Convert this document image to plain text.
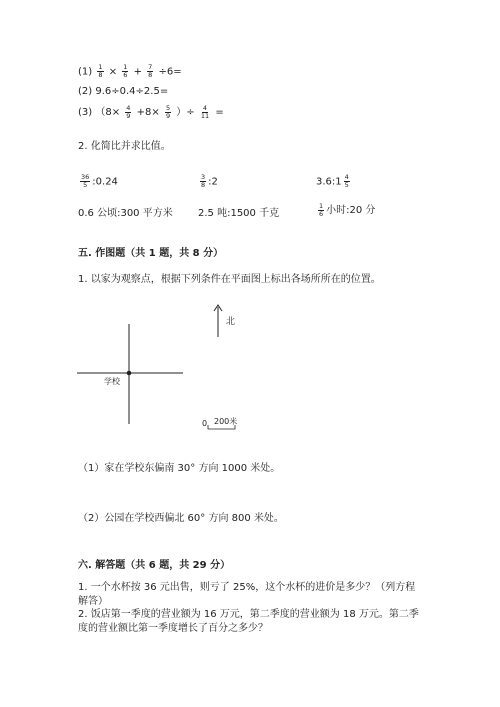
$(1) \frac{1}{8} \times \frac{1}{6} + \frac{7}{8} \div 6=$
(2) 9.6÷0.4÷2.5=
(3) （$8\times \frac{4}{9} +8\times \frac{5}{9}$ ）÷ $\frac{4}{11}$ =
2. 化简比并求比值。
$\frac{36}{5}$ :0.24	$\frac{3}{8}$ :2	3.6:1 $\frac{4}{5}$
0.6 公顷:300 平方米	2.5 吨:1500 千克	$\frac{1}{6}$ 小时:20 分
五. 作图题（共 1 题，共 8 分）
1. 以家为观察点，根据下列条件在平面图上标出各场所所在的位置。
北
学校
0 200米
（1）家在学校东偏南 30° 方向 1000 米处。
（2）公园在学校西偏北 60° 方向 800 米处。
六. 解答题（共 6 题，共 29 分）
1. 一个水杯按 36 元出售，则亏了 25%，这个水杯的进价是多少？（列方程解答）
2. 饭店第一季度的营业额为 16 万元，第二季度的营业额为 18 万元。第二季度的营业额比第一季度增长了百分之多少？
